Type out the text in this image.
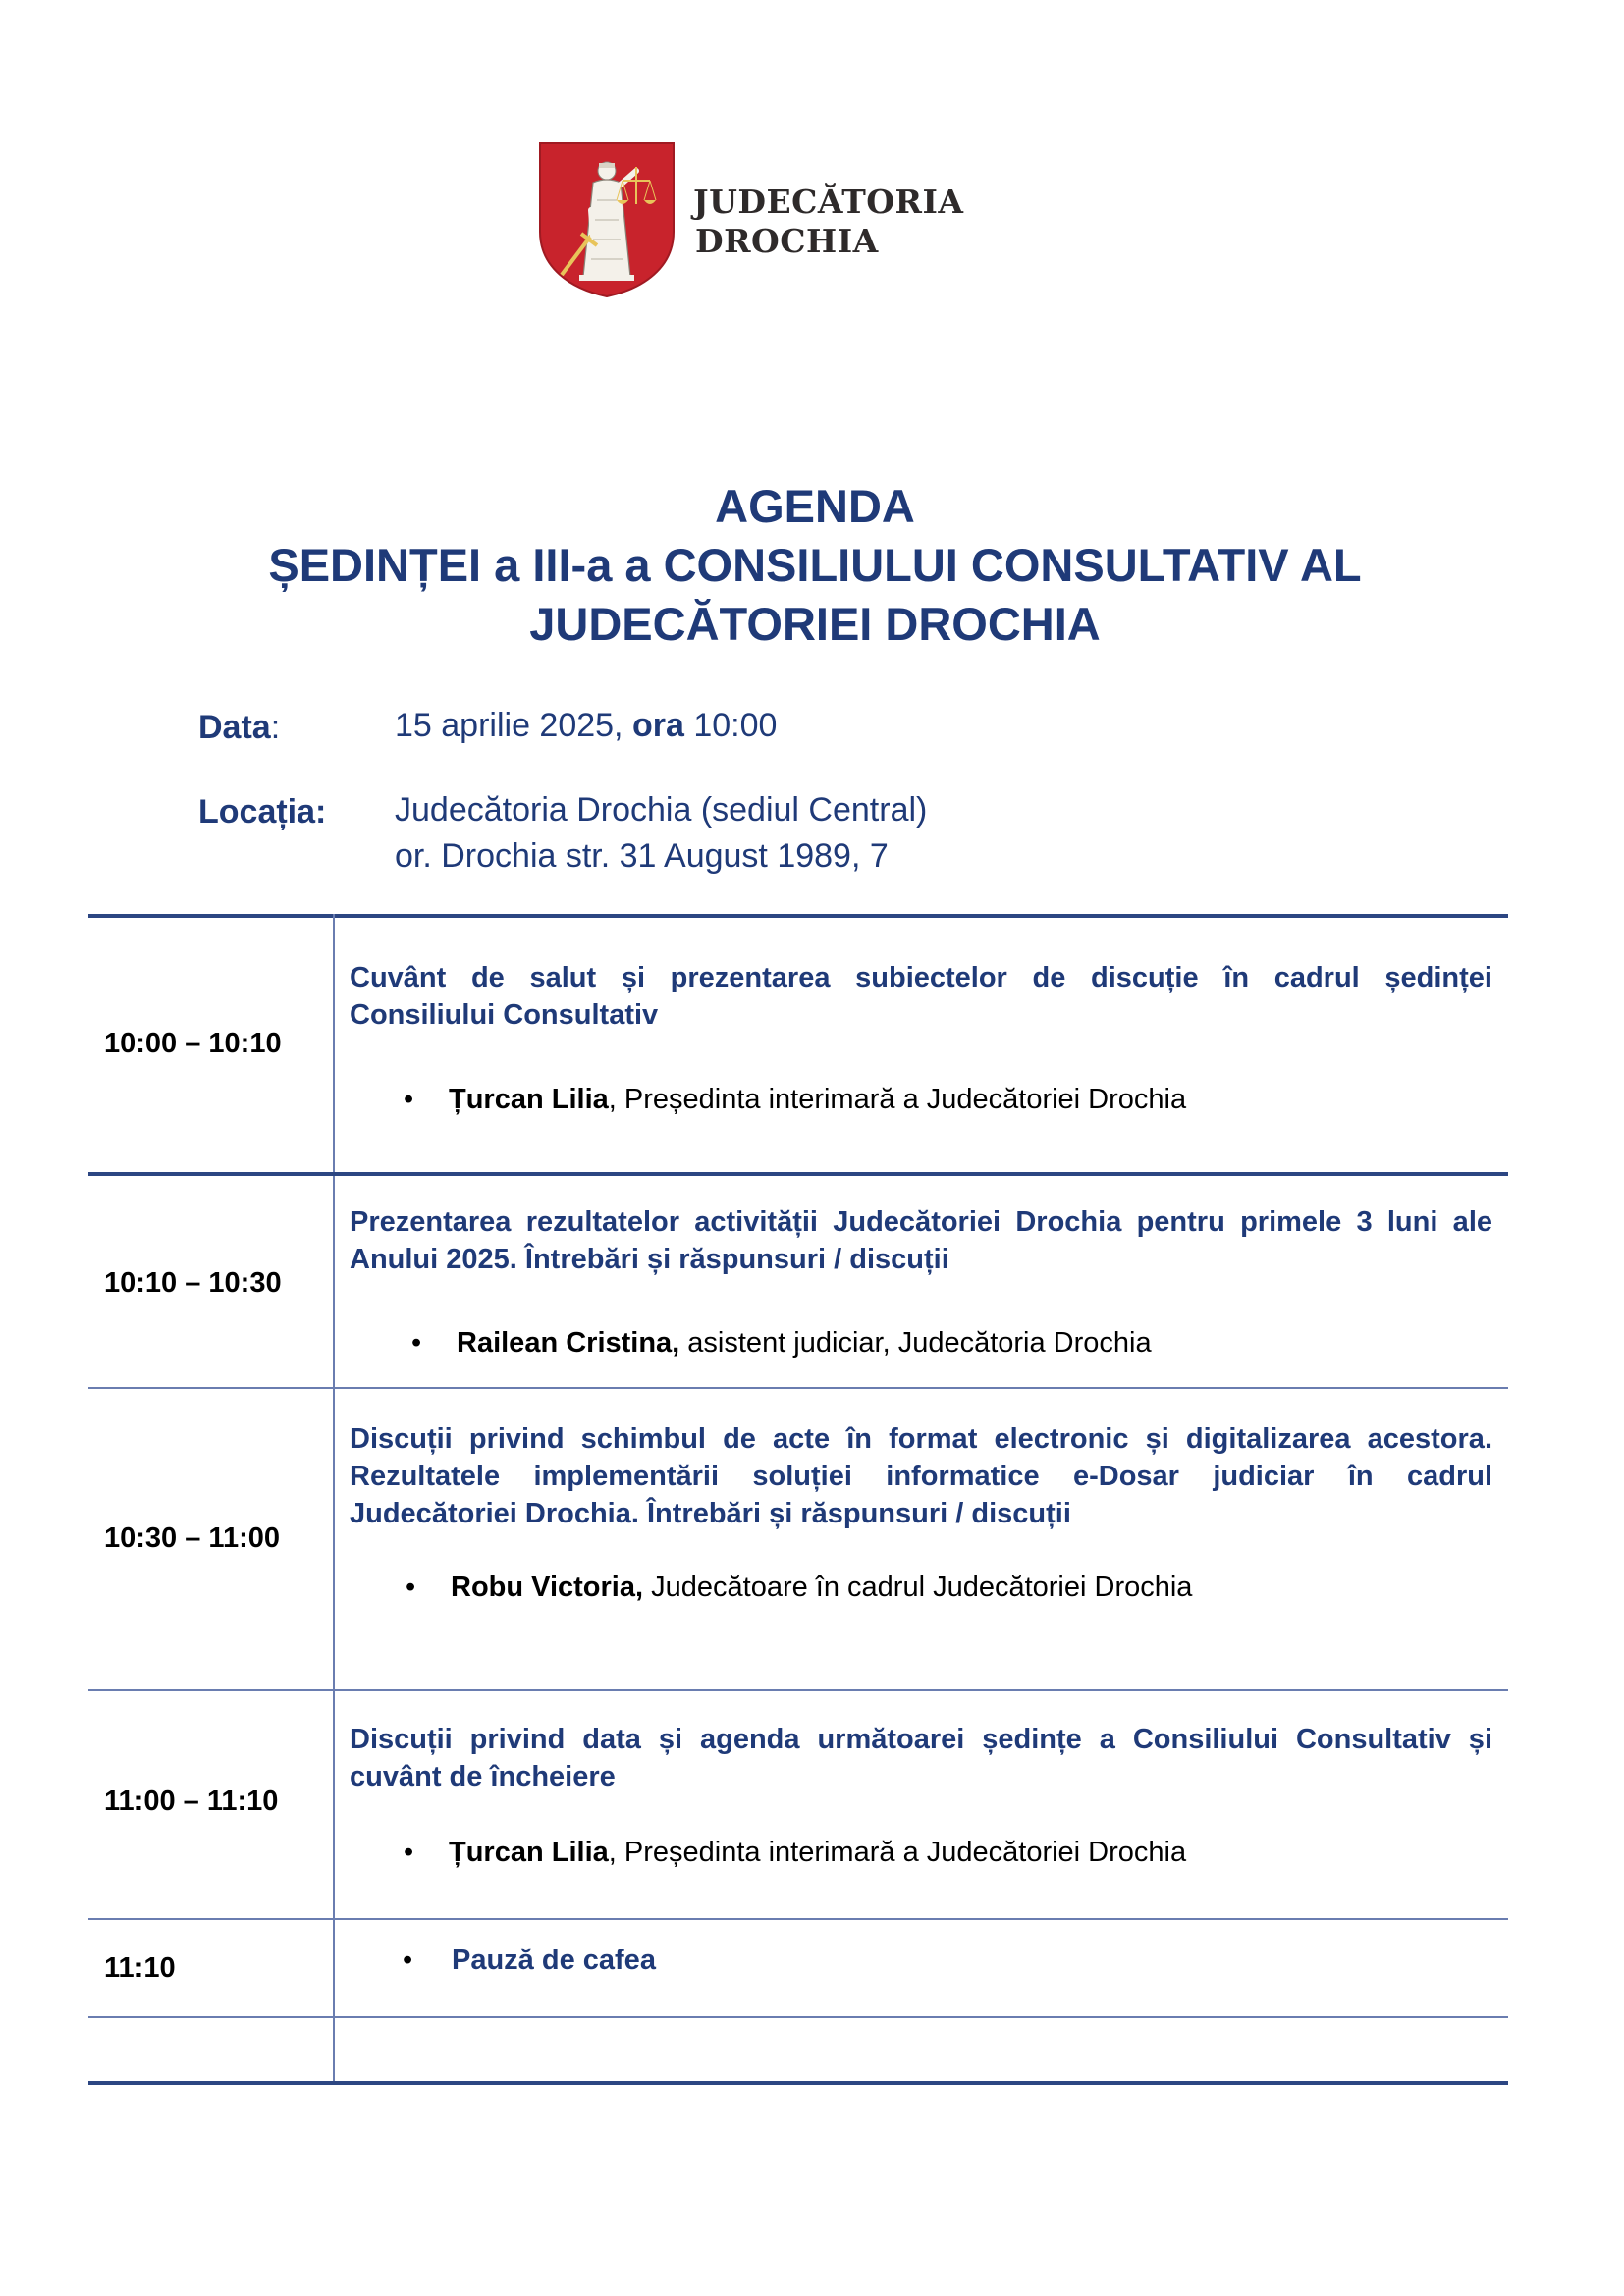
JUDECĂTORIA
DROCHIA
AGENDA
ȘEDINȚEI a III-a a CONSILIULUI CONSULTATIV AL
JUDECĂTORIEI DROCHIA
Data:	15 aprilie 2025, ora 10:00
Locația: Judecătoria Drochia (sediul Central)
or. Drochia str. 31 August 1989, 7
10:00 – 10:10
Cuvânt de salut și prezentarea subiectelor de discuție în cadrul ședinței
Consiliului Consultativ
• Țurcan Lilia, Președinta interimară a Judecătoriei Drochia
10:10 – 10:30
Prezentarea rezultatelor activității Judecătoriei Drochia pentru primele 3 luni ale
Anului 2025. Întrebări și răspunsuri / discuții
• Railean Cristina, asistent judiciar, Judecătoria Drochia
10:30 – 11:00
Discuții privind schimbul de acte în format electronic și digitalizarea acestora.
Rezultatele implementării soluției informatice e-Dosar judiciar în cadrul
Judecătoriei Drochia. Întrebări și răspunsuri / discuții
• Robu Victoria, Judecătoare în cadrul Judecătoriei Drochia
11:00 – 11:10
Discuții privind data și agenda următoarei ședințe a Consiliului Consultativ și
cuvânt de încheiere
• Țurcan Lilia, Președinta interimară a Judecătoriei Drochia
11:10	• Pauză de cafea
